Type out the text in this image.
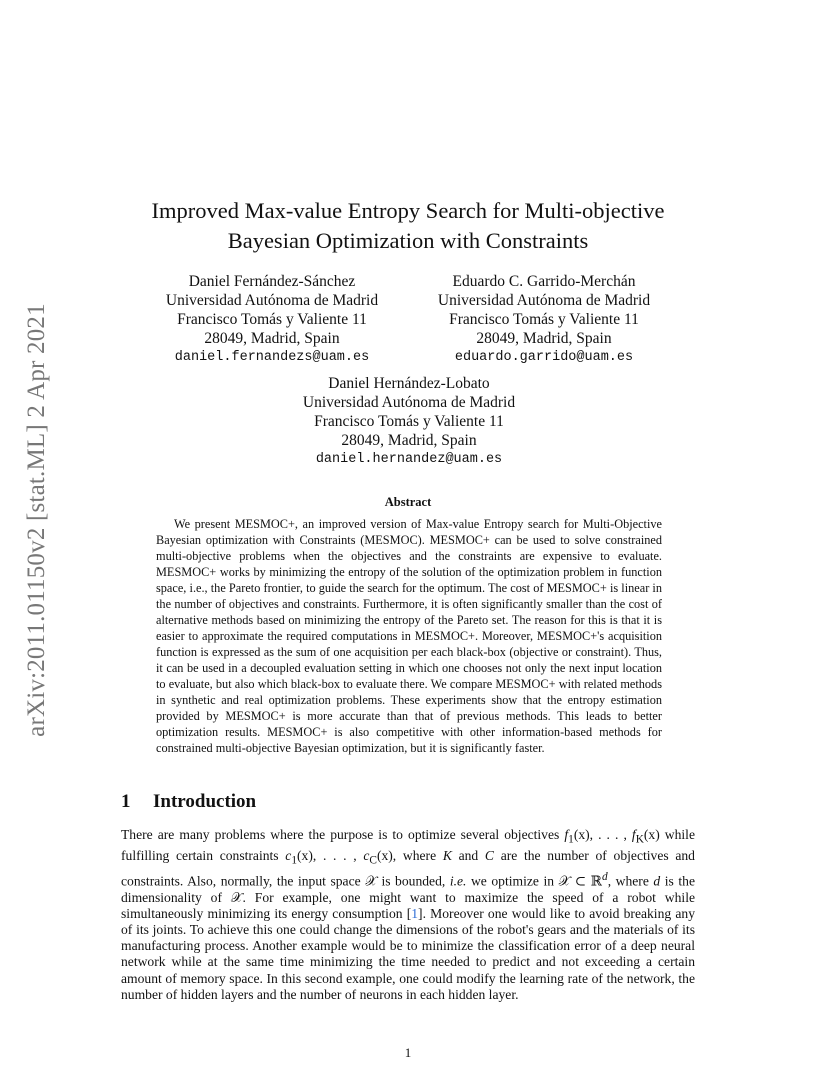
arXiv:2011.01150v2 [stat.ML] 2 Apr 2021
Improved Max-value Entropy Search for Multi-objective
Bayesian Optimization with Constraints
Daniel Fernández-Sánchez
Universidad Autónoma de Madrid
Francisco Tomás y Valiente 11
28049, Madrid, Spain
daniel.fernandezs@uam.es
Eduardo C. Garrido-Merchán
Universidad Autónoma de Madrid
Francisco Tomás y Valiente 11
28049, Madrid, Spain
eduardo.garrido@uam.es
Daniel Hernández-Lobato
Universidad Autónoma de Madrid
Francisco Tomás y Valiente 11
28049, Madrid, Spain
daniel.hernandez@uam.es
Abstract

We present MESMOC+, an improved version of Max-value Entropy search for Multi-Objective Bayesian optimization with Constraints (MESMOC). MESMOC+ can be used to solve constrained multi-objective problems when the objectives and the constraints are expensive to evaluate. MESMOC+ works by minimizing the entropy of the solution of the optimization problem in function space, i.e., the Pareto frontier, to guide the search for the optimum. The cost of MESMOC+ is linear in the number of objectives and constraints. Furthermore, it is often significantly smaller than the cost of alternative methods based on minimizing the entropy of the Pareto set. The reason for this is that it is easier to approximate the required computations in MESMOC+. Moreover, MESMOC+'s acquisition function is expressed as the sum of one acquisition per each black-box (objective or constraint). Thus, it can be used in a decoupled evaluation setting in which one chooses not only the next input location to evaluate, but also which black-box to evaluate there. We compare MESMOC+ with related methods in synthetic and real optimization problems. These experiments show that the entropy estimation provided by MESMOC+ is more accurate than that of previous methods. This leads to better optimization results. MESMOC+ is also competitive with other information-based methods for constrained multi-objective Bayesian optimization, but it is significantly faster.

1 Introduction

There are many problems where the purpose is to optimize several objectives $f_1(x)$, . . . , $f_K(x)$ while fulfilling certain constraints $c_1(x)$, . . . , $c_C(x)$, where K and C are the number of objectives and constraints. Also, normally, the input space 𝒳 is bounded, i.e. we optimize in 𝒳 ⊂ ℝ$^d$, where d is the dimensionality of 𝒳. For example, one might want to maximize the speed of a robot while simultaneously minimizing its energy consumption [1]. Moreover one would like to avoid breaking any of its joints. To achieve this one could change the dimensions of the robot's gears and the materials of its manufacturing process. Another example would be to minimize the classification error of a deep neural network while at the same time minimizing the time needed to predict and not exceeding a certain amount of memory space. In this second example, one could modify the learning rate of the network, the number of hidden layers and the number of neurons in each hidden layer.

1
